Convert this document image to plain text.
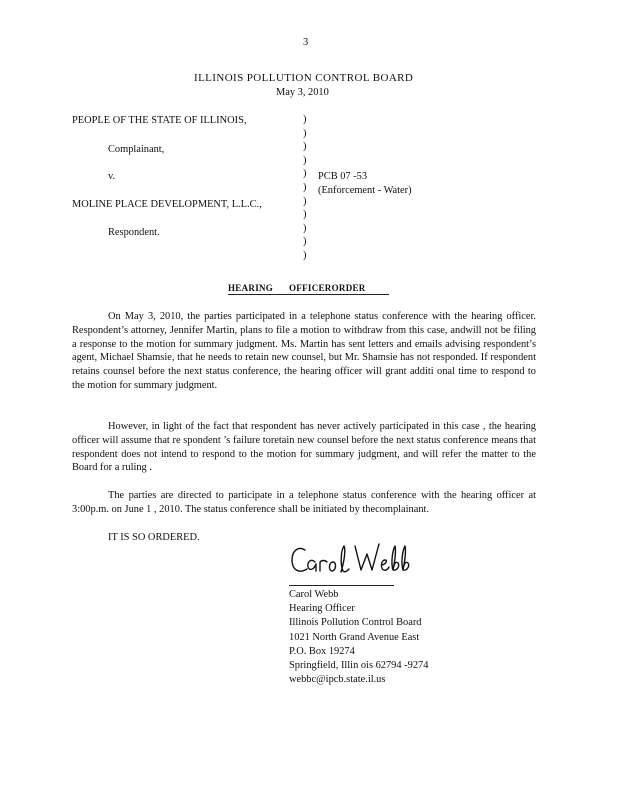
3
ILLINOIS POLLUTION CONTROL BOARD
May 3, 2010
PEOPLE OF THE STATE OF ILLINOIS,
Complainant,
v.
MOLINE PLACE DEVELOPMENT, L.L.C.,
Respondent.
)
)
)
)
)
)
)
)
)
)
)
PCB 07 -53
(Enforcement - Water)
HEARING OFFICERORDER
On May 3, 2010, the parties participated in a telephone status conference with the hearing officer. Respondent’s attorney, Jennifer Martin, plans to file a motion to withdraw from this case, andwill not be filing a response to the motion for summary judgment. Ms. Martin has sent letters and emails advising respondent’s agent, Michael Shamsie, that he needs to retain new counsel, but Mr. Shamsie has not responded. If respondent retains counsel before the next status conference, the hearing officer will grant additi onal time to respond to the motion for summary judgment.
However, in light of the fact that respondent has never actively participated in this case , the hearing officer will assume that re spondent ’s failure toretain new counsel before the next status conference means that respondent does not intend to respond to the motion for summary judgment, and will refer the matter to the Board for a ruling .
The parties are directed to participate in a telephone status conference with the hearing officer at 3:00p.m. on June 1 , 2010. The status conference shall be initiated by thecomplainant.
IT IS SO ORDERED.
Carol Webb
Hearing Officer
Illinois Pollution Control Board
1021 North Grand Avenue East
P.O. Box 19274
Springfield, Illin ois 62794 -9274
webbc@ipcb.state.il.us
